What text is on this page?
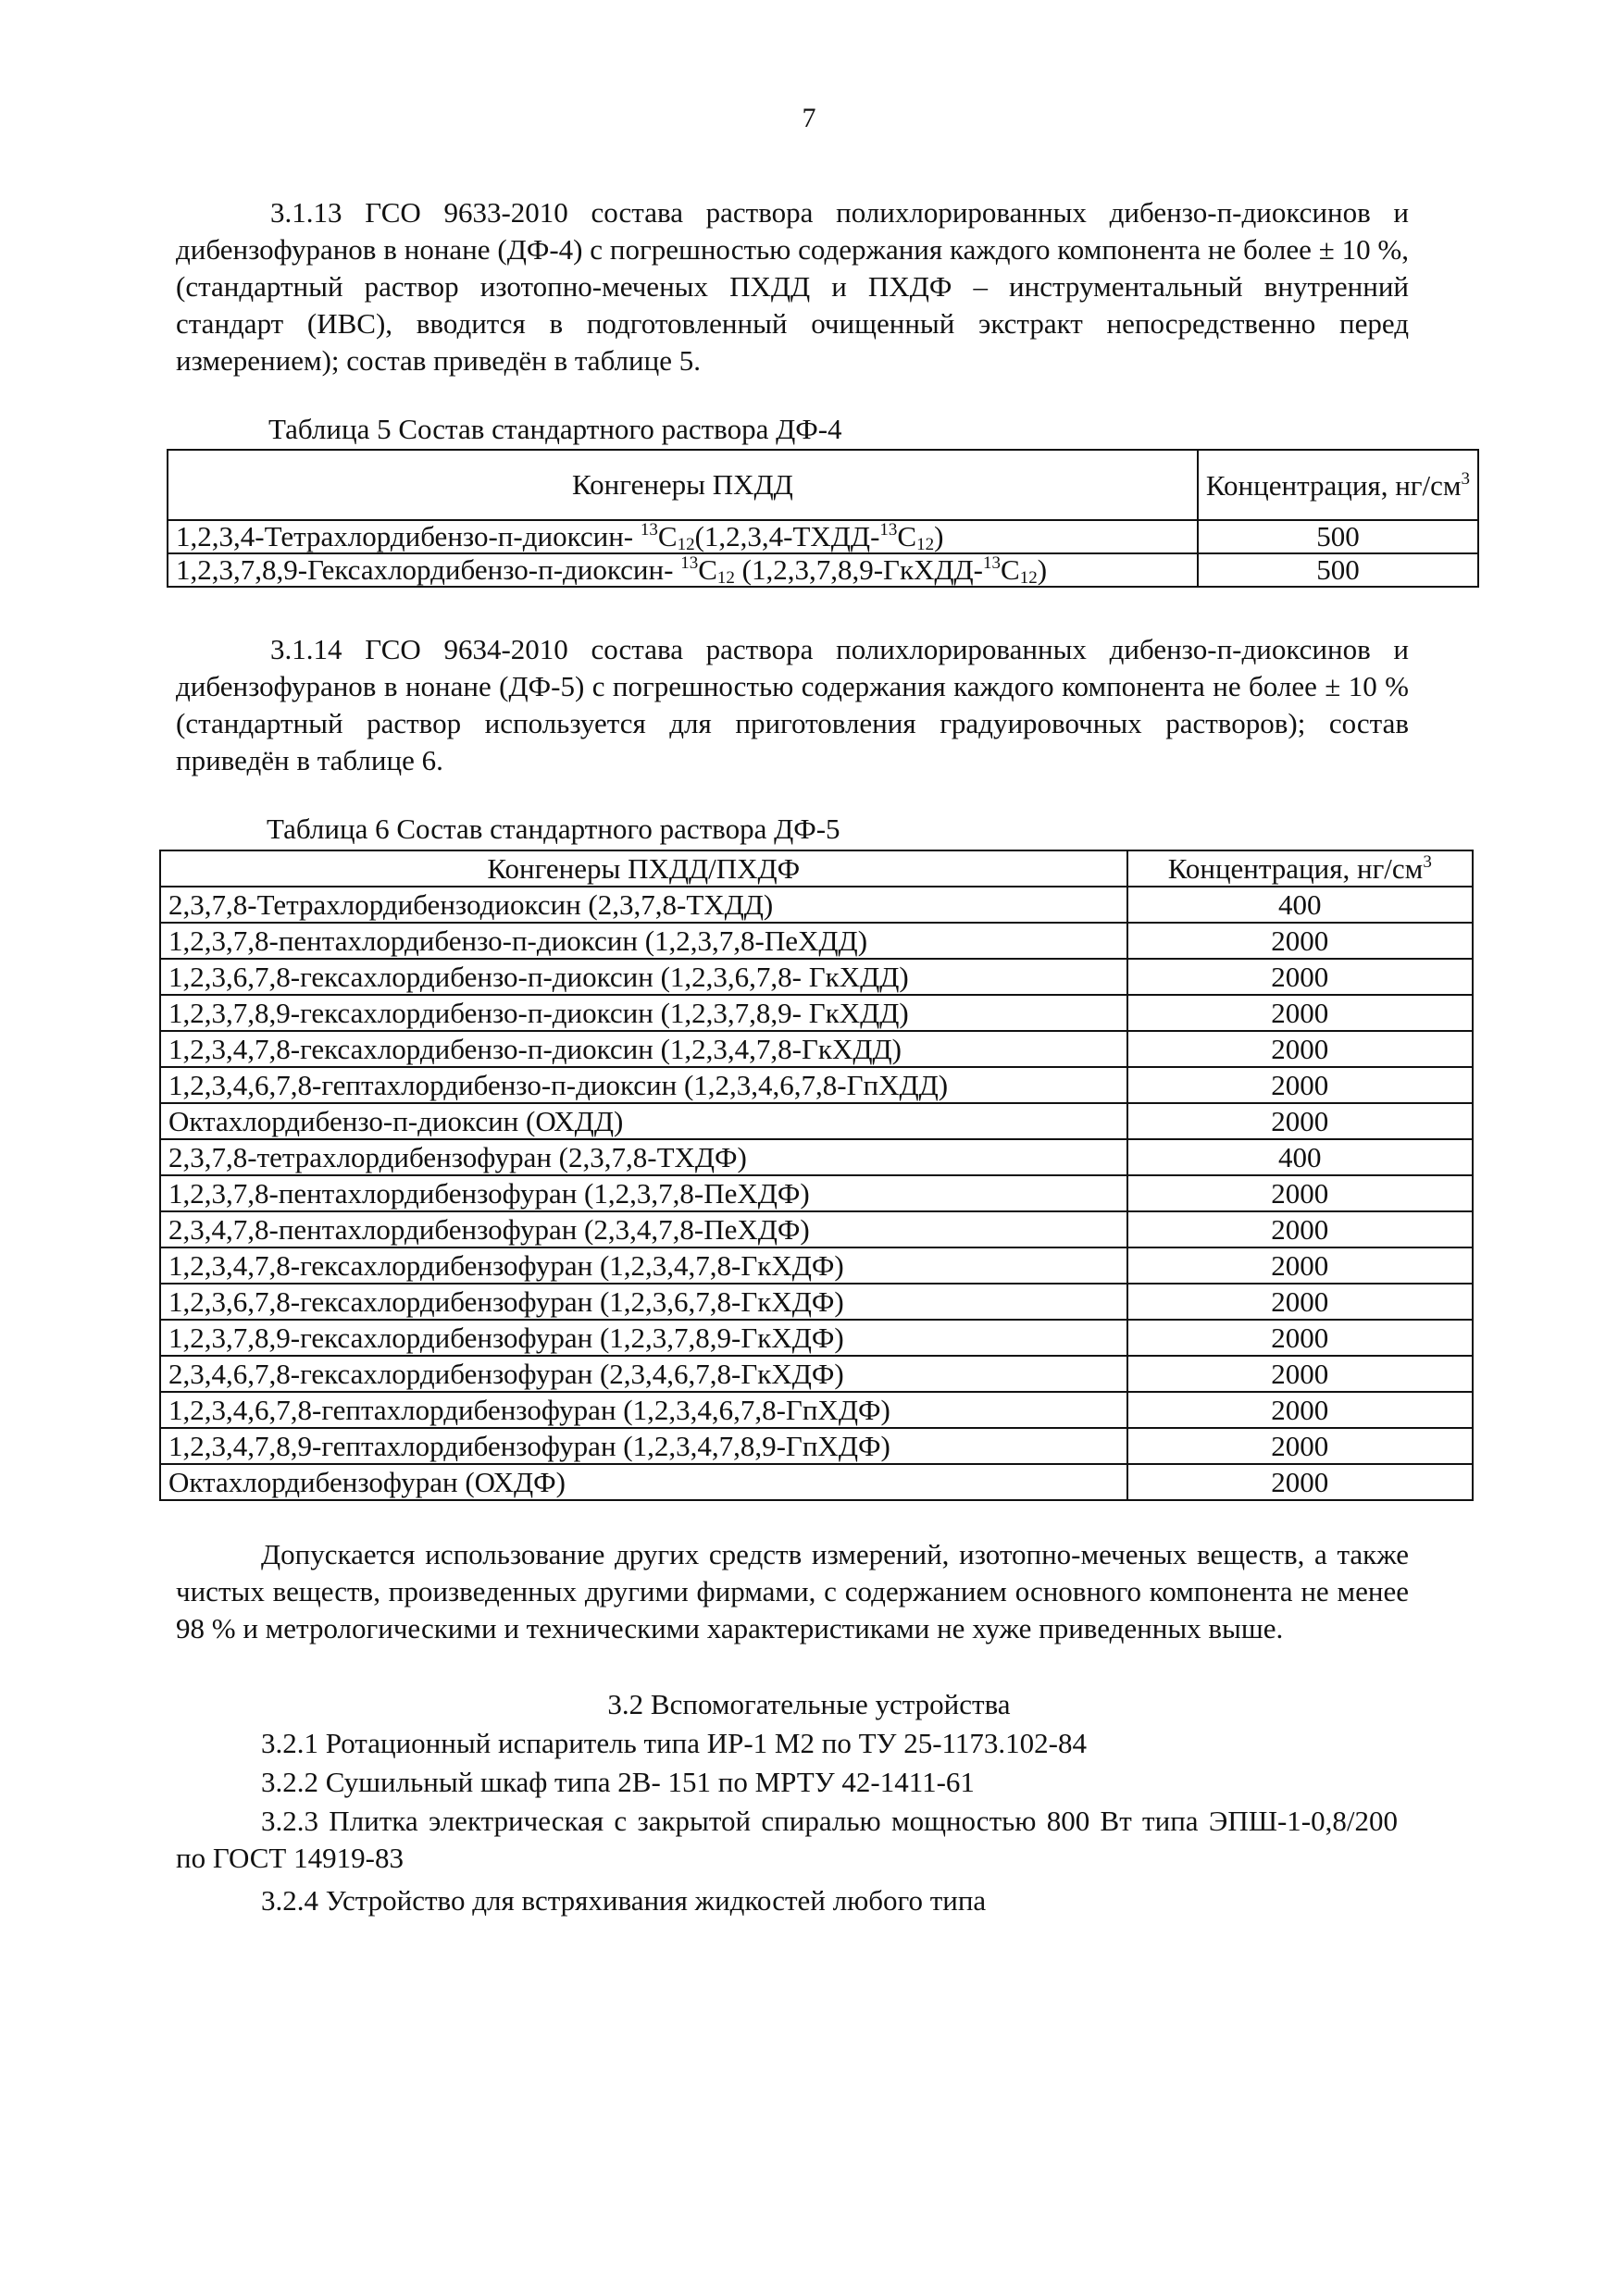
7

3.1.13 ГСО 9633-2010 состава раствора полихлорированных дибензо-п-диоксинов и дибензофуранов в нонане (ДФ-4) с погрешностью содержания каждого компонента не более ± 10 %, (стандартный раствор изотопно-меченых ПХДД и ПХДФ – инструментальный внутренний стандарт (ИВС), вводится в подготовленный очищенный экстракт непосредственно перед измерением); состав приведён в таблице 5.

Таблица 5 Состав стандартного раствора ДФ-4
Конгенеры ПХДД	Концентрация, $нг/см^3$
1,2,3,4-Тетрахлордибензо-п-диоксин- $^{13}C_{12}(1,2,3,4-ТХДД-^{13}C_{12})$	500
1,2,3,7,8,9-Гексахлордибензо-п-диоксин- $^{13}C_{12}$ $(1,2,3,7,8,9-ГкХДД-^{13}C_{12})$	500

3.1.14 ГСО 9634-2010 состава раствора полихлорированных дибензо-п-диоксинов и дибензофуранов в нонане (ДФ-5) с погрешностью содержания каждого компонента не более ± 10 % (стандартный раствор используется для приготовления градуировочных растворов); состав приведён в таблице 6.

Таблица 6 Состав стандартного раствора ДФ-5
Конгенеры ПХДД/ПХДФ	Концентрация, $нг/см^3$
2,3,7,8-Тетрахлордибензодиоксин (2,3,7,8-ТХДД)	400
1,2,3,7,8-пентахлордибензо-п-диоксин (1,2,3,7,8-ПеХДД)	2000
1,2,3,6,7,8-гексахлордибензо-п-диоксин (1,2,3,6,7,8- ГкХДД)	2000
1,2,3,7,8,9-гексахлордибензо-п-диоксин (1,2,3,7,8,9- ГкХДД)	2000
1,2,3,4,7,8-гексахлордибензо-п-диоксин (1,2,3,4,7,8-ГкХДД)	2000
1,2,3,4,6,7,8-гептахлордибензо-п-диоксин (1,2,3,4,6,7,8-ГпХДД)	2000
Октахлордибензо-п-диоксин (ОХДД)	2000
2,3,7,8-тетрахлордибензофуран (2,3,7,8-ТХДФ)	400
1,2,3,7,8-пентахлордибензофуран (1,2,3,7,8-ПеХДФ)	2000
2,3,4,7,8-пентахлордибензофуран (2,3,4,7,8-ПеХДФ)	2000
1,2,3,4,7,8-гексахлордибензофуран (1,2,3,4,7,8-ГкХДФ)	2000
1,2,3,6,7,8-гексахлордибензофуран (1,2,3,6,7,8-ГкХДФ)	2000
1,2,3,7,8,9-гексахлордибензофуран (1,2,3,7,8,9-ГкХДФ)	2000
2,3,4,6,7,8-гексахлордибензофуран (2,3,4,6,7,8-ГкХДФ)	2000
1,2,3,4,6,7,8-гептахлордибензофуран (1,2,3,4,6,7,8-ГпХДФ)	2000
1,2,3,4,7,8,9-гептахлордибензофуран (1,2,3,4,7,8,9-ГпХДФ)	2000
Октахлордибензофуран (ОХДФ)	2000

Допускается использование других средств измерений, изотопно-меченых веществ, а также чистых веществ, произведенных другими фирмами, с содержанием основного компонента не менее 98 % и метрологическими и техническими характеристиками не хуже приведенных выше.

3.2 Вспомогательные устройства

3.2.1 Ротационный испаритель типа ИР-1 М2 по ТУ 25-1173.102-84

3.2.2 Сушильный шкаф типа 2В- 151 по МРТУ 42-1411-61

3.2.3 Плитка электрическая с закрытой спиралью мощностью 800 Вт типа ЭПШ-1-0,8/200 по ГОСТ 14919-83

3.2.4 Устройство для встряхивания жидкостей любого типа
